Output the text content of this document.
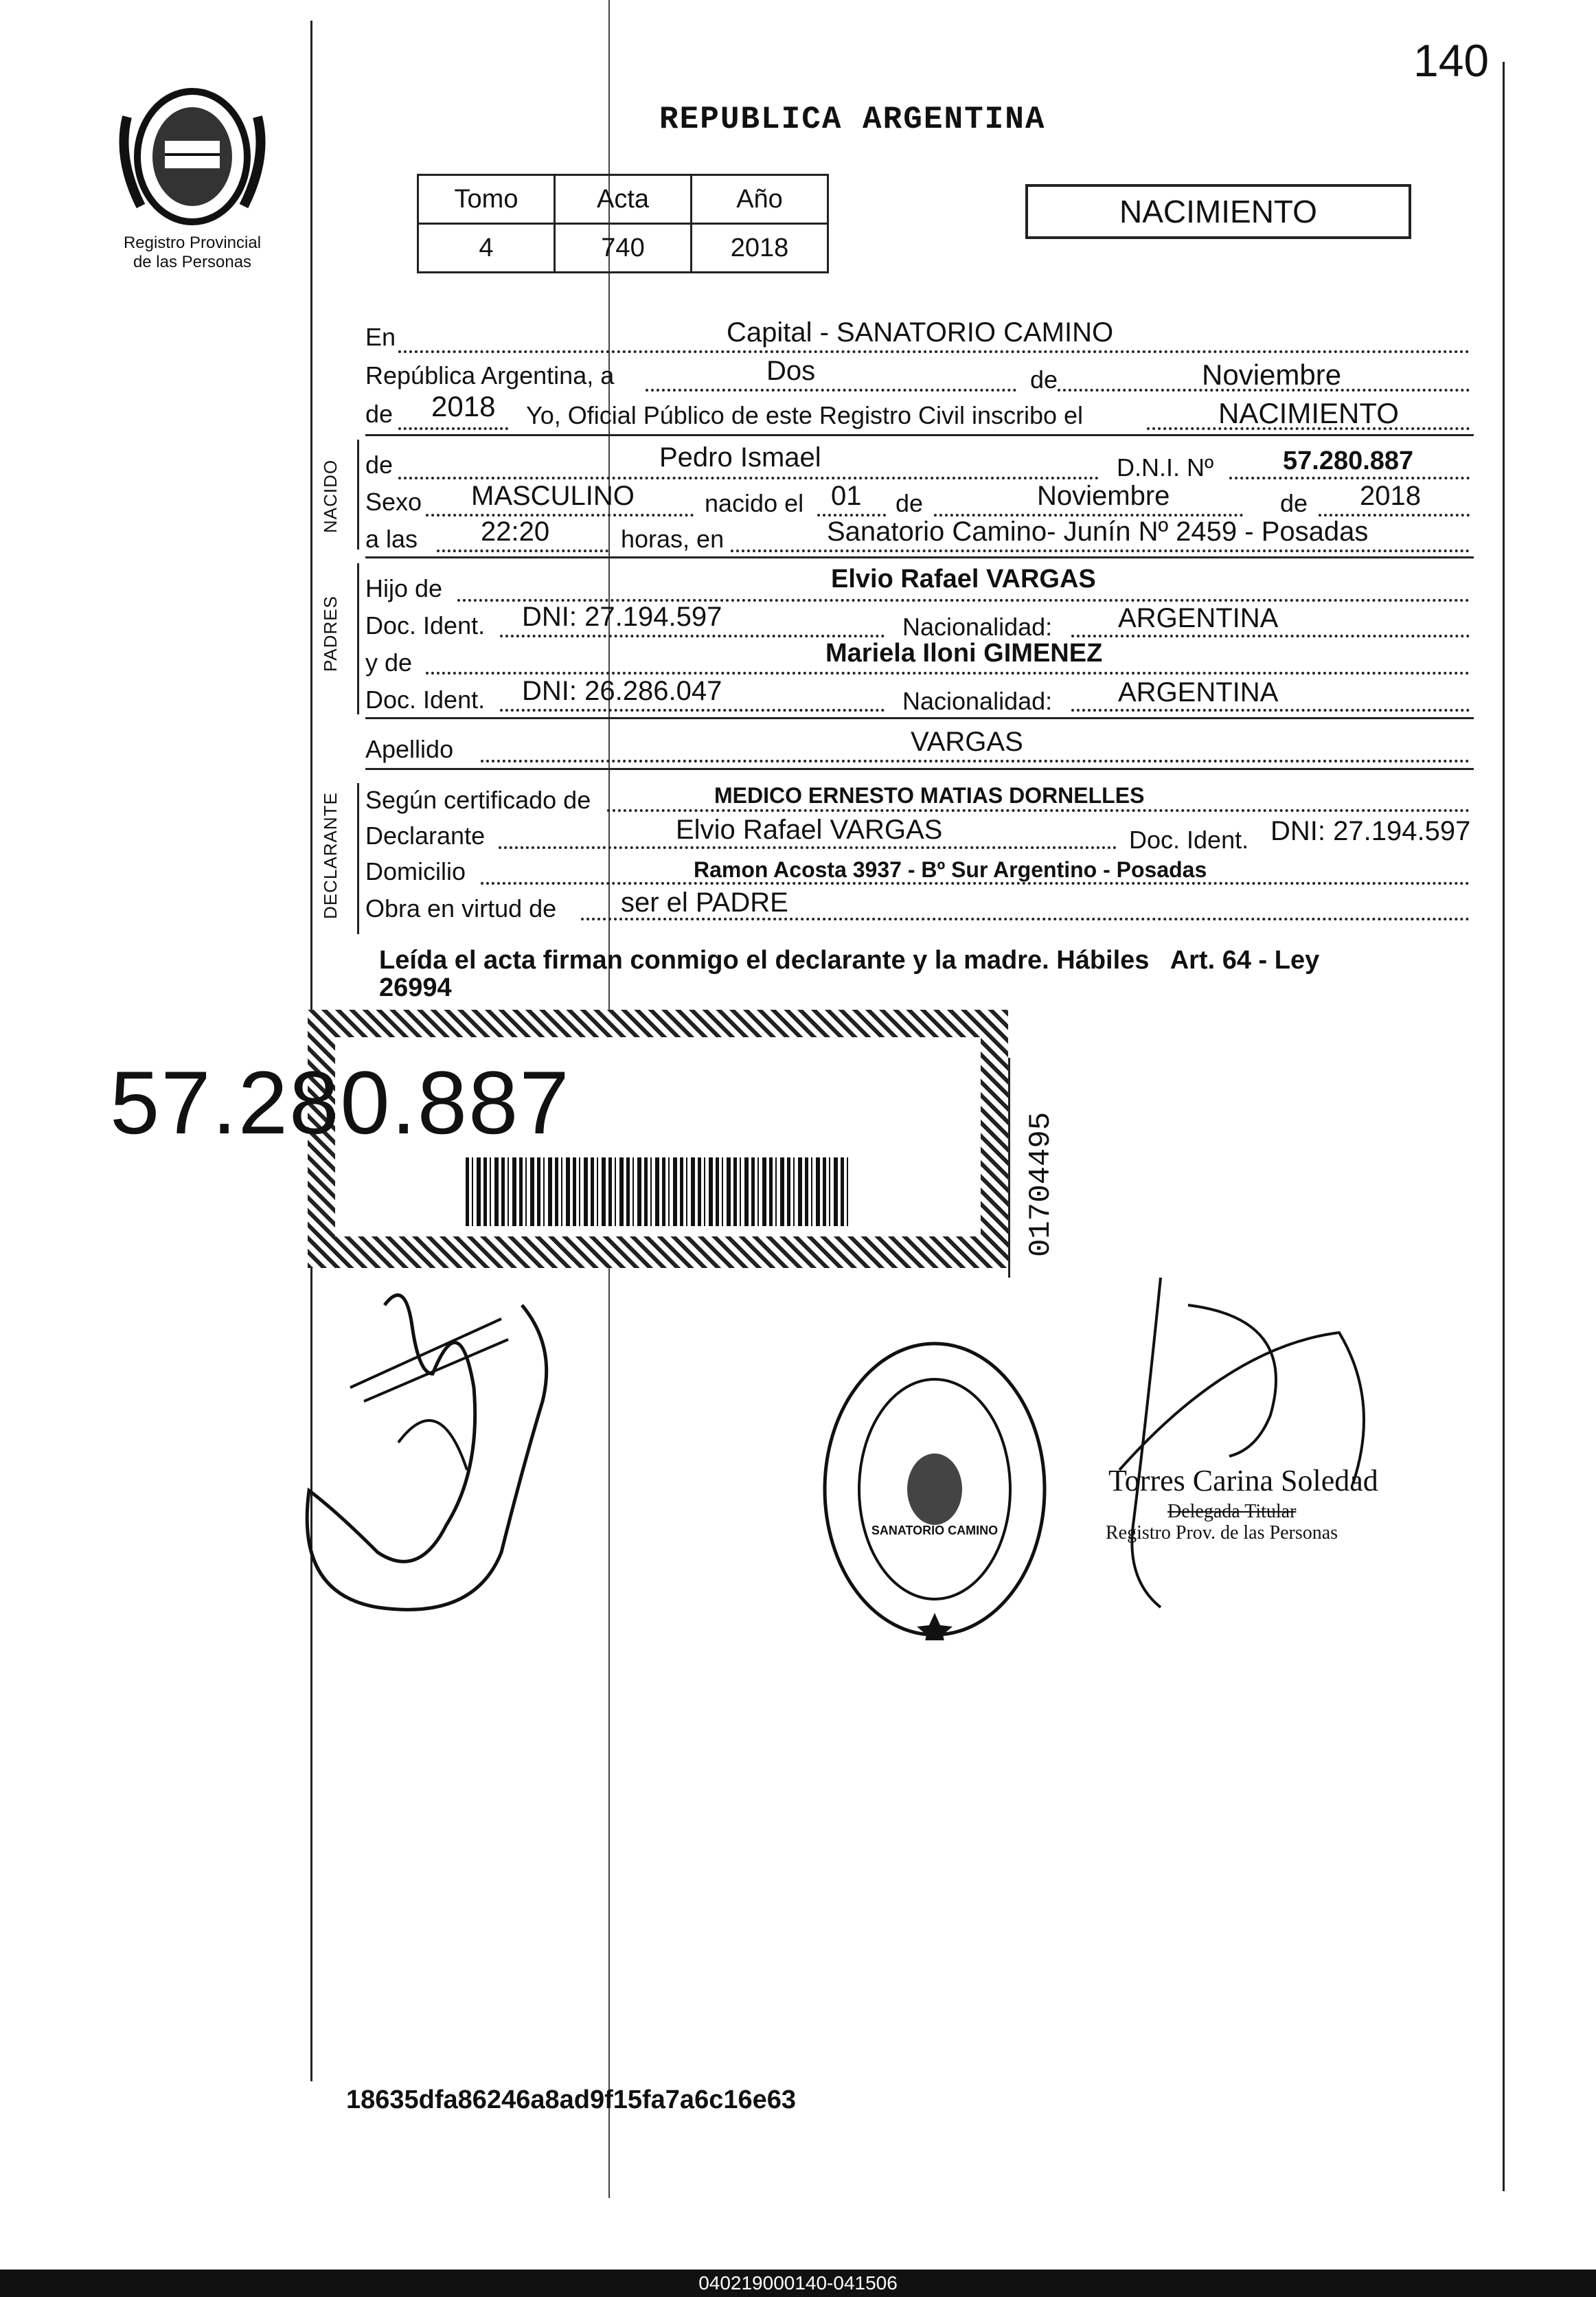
140
Registro Provincial
de las Personas
REPUBLICA ARGENTINA
Tomo	Acta	Año
4	740	2018
NACIMIENTO
En	Capital - SANATORIO CAMINO
República Argentina, a	Dos	de	Noviembre
de 2018 Yo, Oficial Público de este Registro Civil inscribo el	NACIMIENTO
NACIDO de	Pedro Ismael	D.N.I. Nº	57.280.887
Sexo MASCULINO	nacido el 01 de	Noviembre	de 2018
a las 22:20	horas, en	Sanatorio Camino- Junín Nº 2459 - Posadas
PADRES
Hijo de	Elvio Rafael VARGAS
Doc. Ident. DNI: 27.194.597	Nacionalidad: ARGENTINA
y de	Mariela Iloni GIMENEZ
Doc. Ident. DNI: 26.286.047	Nacionalidad: ARGENTINA
Apellido	VARGAS
DECLARANTE Según certificado de	MEDICO ERNESTO MATIAS DORNELLES
Declarante	Elvio Rafael VARGAS	Doc. Ident. DNI: 27.194.597
Domicilio	Ramon Acosta 3937 - Bº Sur Argentino - Posadas
Obra en virtud de ser el PADRE
Leída el acta firman conmigo el declarante y la madre. Hábiles   Art. 64 - Ley
26994
57.280.887
01704495
SANATORIO CAMINO
Torres Carina Soledad
Delegada Titular
Registro Prov. de las Personas
18635dfa86246a8ad9f15fa7a6c16e63
040219000140-041506
